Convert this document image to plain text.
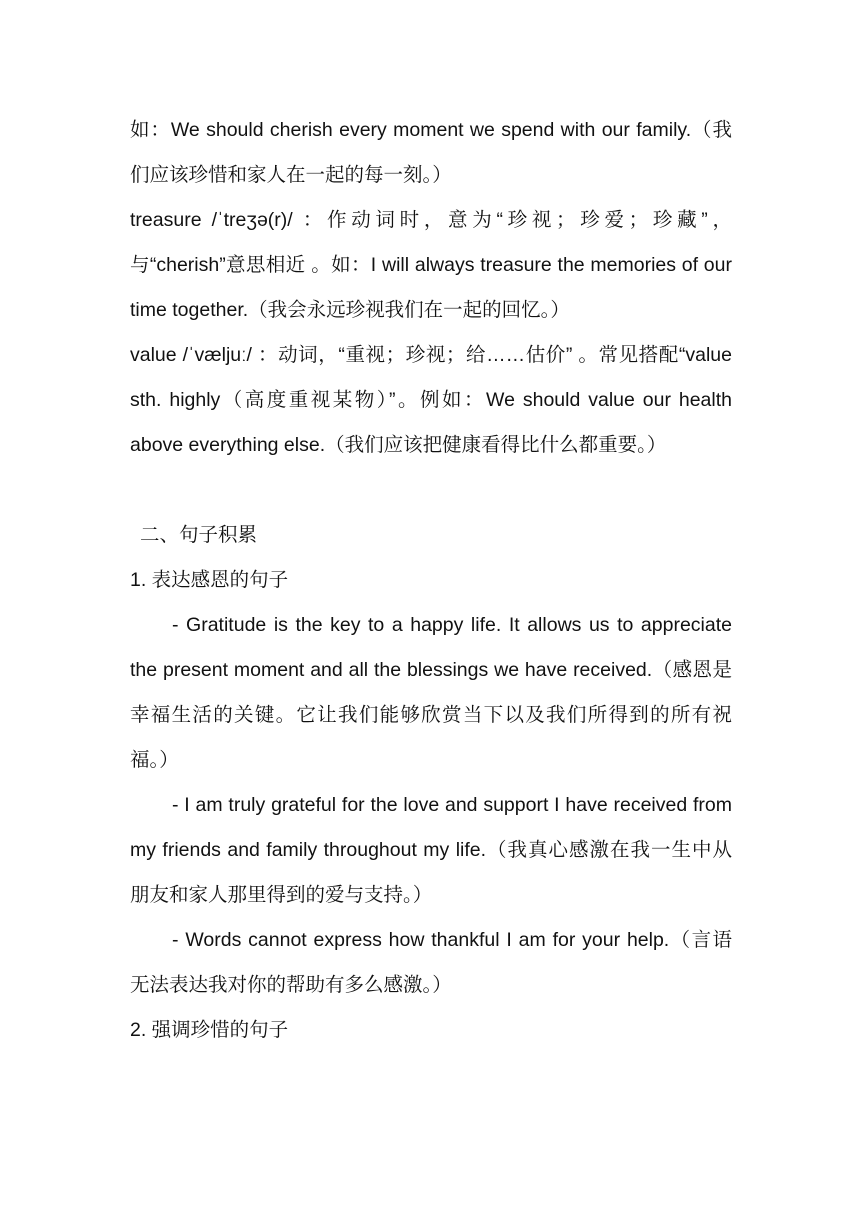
如：We should cherish every moment we spend with our family.（我们应该珍惜和家人在一起的每一刻。）

treasure /ˈtreʒə(r)/ ：作动词时，意为“珍视；珍爱；珍藏”，与“cherish”意思相近 。如：I will always treasure the memories of our time together.（我会永远珍视我们在一起的回忆。）

value /ˈvæljuː/ ：动词，“重视；珍视；给……估价” 。常见搭配“value sth. highly（高度重视某物）”。例如：We should value our health above everything else.（我们应该把健康看得比什么都重要。）

二、句子积累

1. 表达感恩的句子

- Gratitude is the key to a happy life. It allows us to appreciate the present moment and all the blessings we have received.（感恩是幸福生活的关键。它让我们能够欣赏当下以及我们所得到的所有祝福。）

- I am truly grateful for the love and support I have received from my friends and family throughout my life.（我真心感激在我一生中从朋友和家人那里得到的爱与支持。）

- Words cannot express how thankful I am for your help.（言语无法表达我对你的帮助有多么感激。）

2. 强调珍惜的句子
